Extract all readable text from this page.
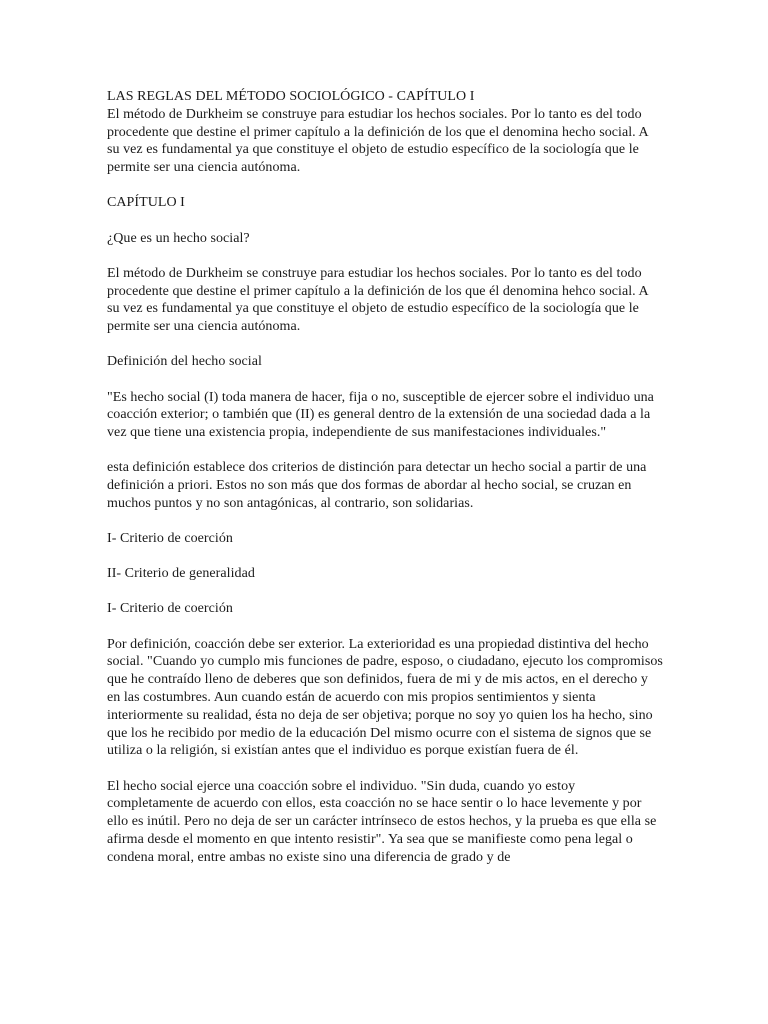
LAS REGLAS DEL MÉTODO SOCIOLÓGICO - CAPÍTULO I

El método de Durkheim se construye para estudiar los hechos sociales. Por lo tanto es del todo procedente que destine el primer capítulo a la definición de los que el denomina hecho social. A su vez es fundamental ya que constituye el objeto de estudio específico de la sociología que le permite ser una ciencia autónoma.

CAPÍTULO I

¿Que es un hecho social?

El método de Durkheim se construye para estudiar los hechos sociales. Por lo tanto es del todo procedente que destine el primer capítulo a la definición de los que él denomina hehco social. A su vez es fundamental ya que constituye el objeto de estudio específico de la sociología que le permite ser una ciencia autónoma.

Definición del hecho social

"Es hecho social (I) toda manera de hacer, fija o no, susceptible de ejercer sobre el individuo una coacción exterior; o también que (II) es general dentro de la extensión de una sociedad dada a la vez que tiene una existencia propia, independiente de sus manifestaciones individuales."

esta definición establece dos criterios de distinción para detectar un hecho social a partir de una definición a priori. Estos no son más que dos formas de abordar al hecho social, se cruzan en muchos puntos y no son antagónicas, al contrario, son solidarias.

I- Criterio de coerción

II- Criterio de generalidad

I- Criterio de coerción

Por definición, coacción debe ser exterior. La exterioridad es una propiedad distintiva del hecho social. "Cuando yo cumplo mis funciones de padre, esposo, o ciudadano, ejecuto los compromisos que he contraído lleno de deberes que son definidos, fuera de mi y de mis actos, en el derecho y en las costumbres. Aun cuando están de acuerdo con mis propios sentimientos y sienta interiormente su realidad, ésta no deja de ser objetiva; porque no soy yo quien los ha hecho, sino que los he recibido por medio de la educación Del mismo ocurre con el sistema de signos que se utiliza o la religión, si existían antes que el individuo es porque existían fuera de él.

El hecho social ejerce una coacción sobre el individuo. "Sin duda, cuando yo estoy completamente de acuerdo con ellos, esta coacción no se hace sentir o lo hace levemente y por ello es inútil. Pero no deja de ser un carácter intrínseco de estos hechos, y la prueba es que ella se afirma desde el momento en que intento resistir". Ya sea que se manifieste como pena legal o condena moral, entre ambas no existe sino una diferencia de grado y de
